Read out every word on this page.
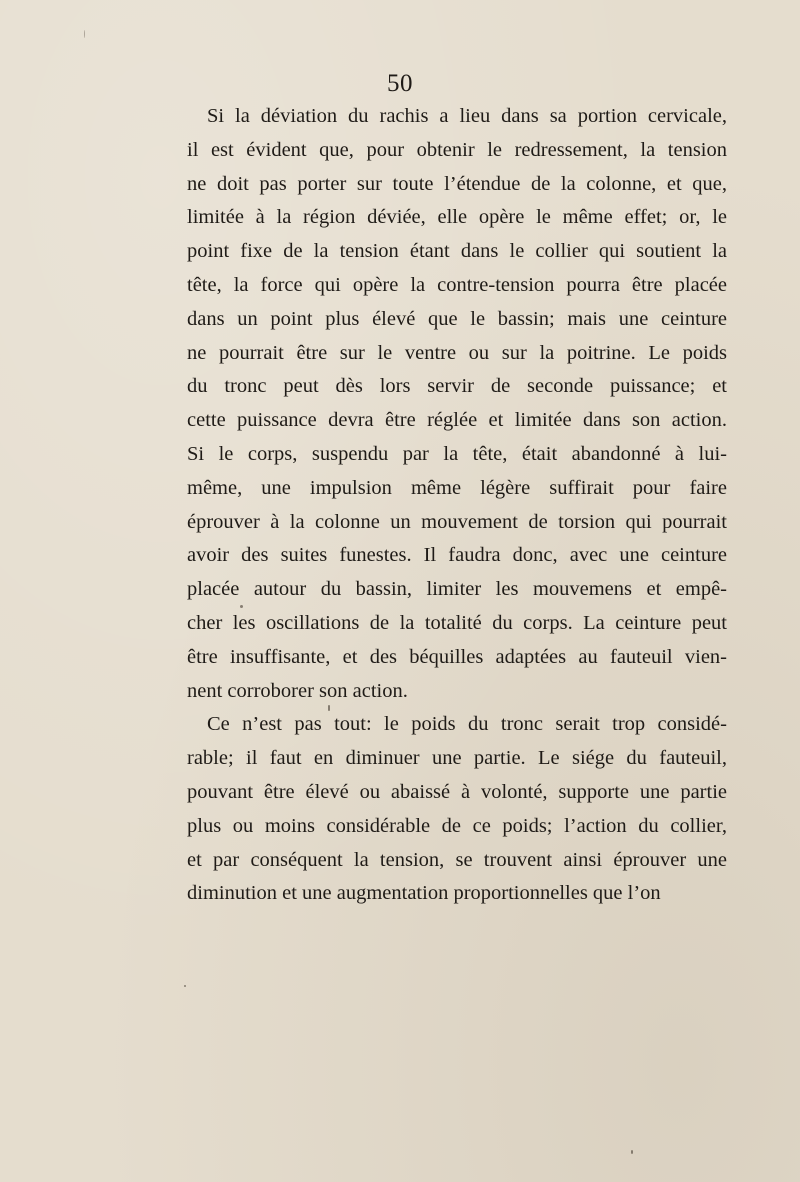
50
Si la déviation du rachis a lieu dans sa portion cervicale,
il est évident que, pour obtenir le redressement, la tension
ne doit pas porter sur toute l’étendue de la colonne, et que,
limitée à la région déviée, elle opère le même effet; or, le
point fixe de la tension étant dans le collier qui soutient la
tête, la force qui opère la contre-tension pourra être placée
dans un point plus élevé que le bassin; mais une ceinture
ne pourrait être sur le ventre ou sur la poitrine. Le poids
du tronc peut dès lors servir de seconde puissance; et
cette puissance devra être réglée et limitée dans son action.
Si le corps, suspendu par la tête, était abandonné à lui-
même, une impulsion même légère suffirait pour faire
éprouver à la colonne un mouvement de torsion qui pourrait
avoir des suites funestes. Il faudra donc, avec une ceinture
placée autour du bassin, limiter les mouvemens et empê-
cher les oscillations de la totalité du corps. La ceinture peut
être insuffisante, et des béquilles adaptées au fauteuil vien-
nent corroborer son action.
Ce n’est pas tout: le poids du tronc serait trop considé-
rable; il faut en diminuer une partie. Le siége du fauteuil,
pouvant être élevé ou abaissé à volonté, supporte une partie
plus ou moins considérable de ce poids; l’action du collier,
et par conséquent la tension, se trouvent ainsi éprouver une
diminution et une augmentation proportionnelles que l’on
